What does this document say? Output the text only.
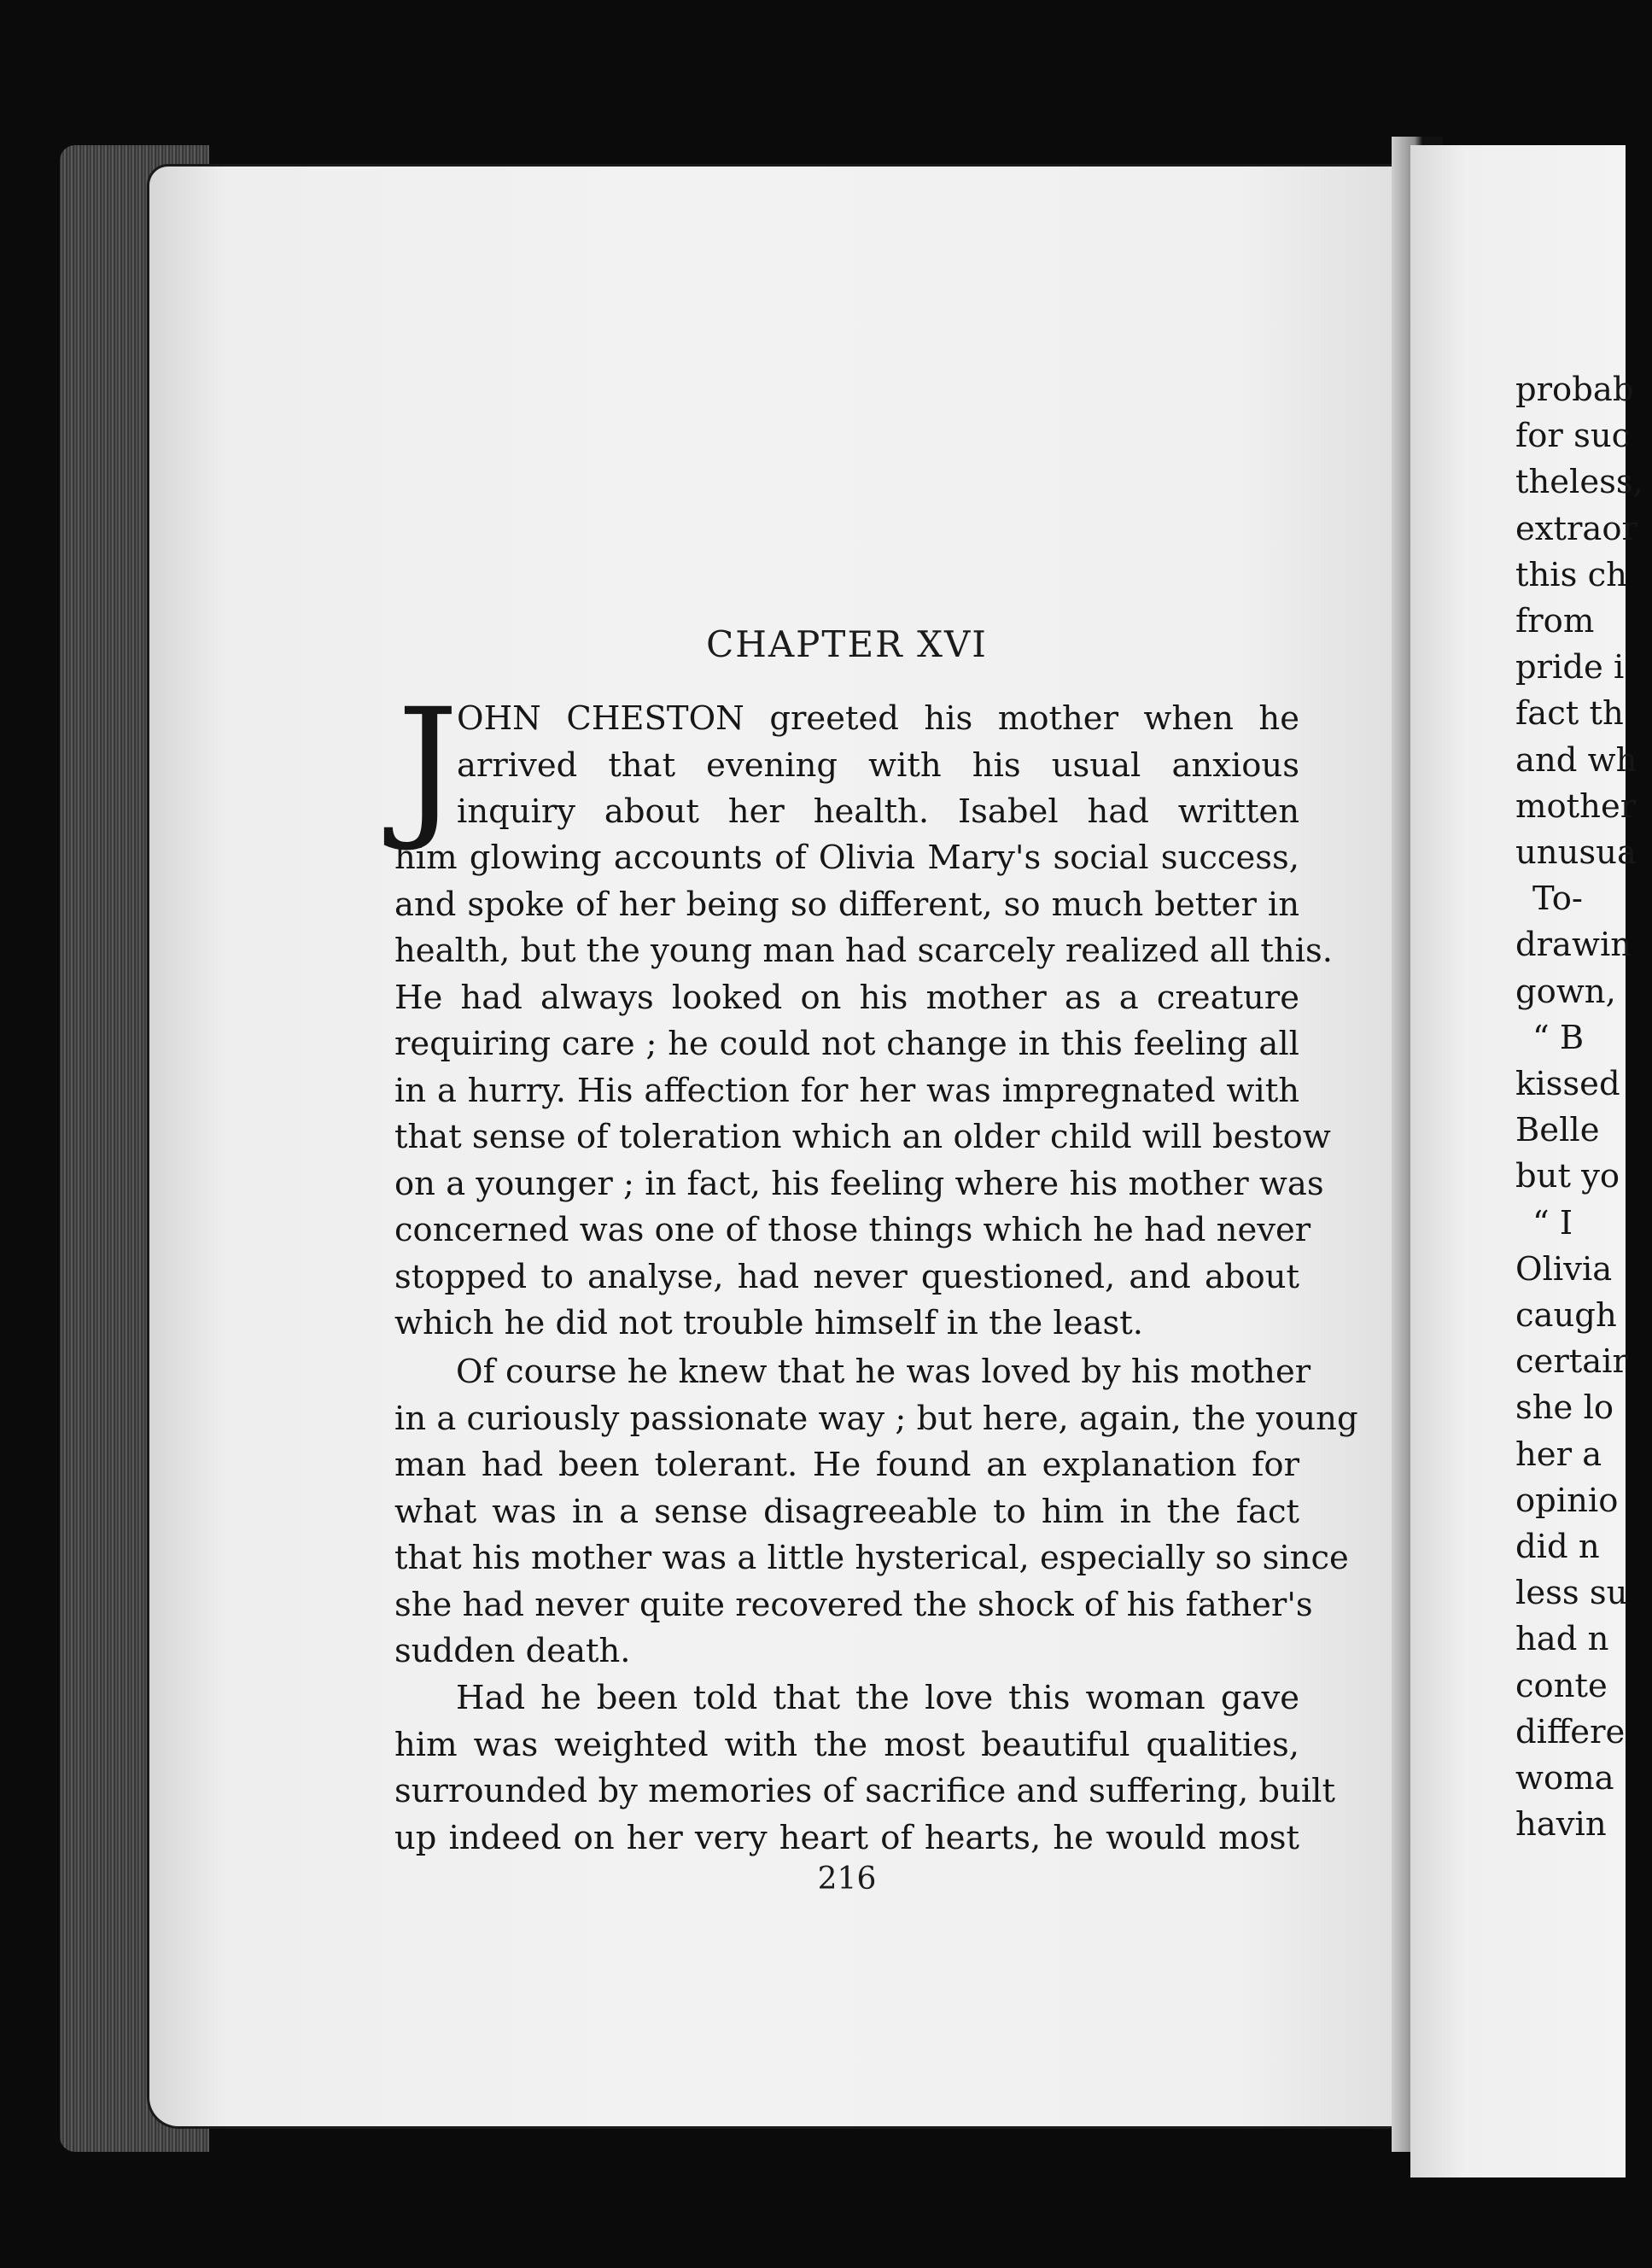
CHAPTER XVI
J

OHN CHESTON greeted his mother when he
arrived that evening with his usual anxious
inquiry about her health. Isabel had written

him glowing accounts of Olivia Mary's social success,
and spoke of her being so different, so much better in
health, but the young man had scarcely realized all this.
He had always looked on his mother as a creature
requiring care ; he could not change in this feeling all
in a hurry. His affection for her was impregnated with
that sense of toleration which an older child will bestow
on a younger ; in fact, his feeling where his mother was
concerned was one of those things which he had never
stopped to analyse, had never questioned, and about
which he did not trouble himself in the least.

Of course he knew that he was loved by his mother
in a curiously passionate way ; but here, again, the young
man had been tolerant. He found an explanation for
what was in a sense disagreeable to him in the fact
that his mother was a little hysterical, especially so since
she had never quite recovered the shock of his father's
sudden death.

Had he been told that the love this woman gave
him was weighted with the most beautiful qualities,
surrounded by memories of sacrifice and suffering, built
up indeed on her very heart of hearts, he would most

216

probab
for suc
theless,
extraor
this ch
from
pride i
fact th
and wh
mother
unusua
To-
drawin
gown,
“ B
kissed
Belle
but yo
“ I
Olivia
caugh
certair
she lo
her a
opinio
did n
less su
had n
conte
differe
woma
havin
